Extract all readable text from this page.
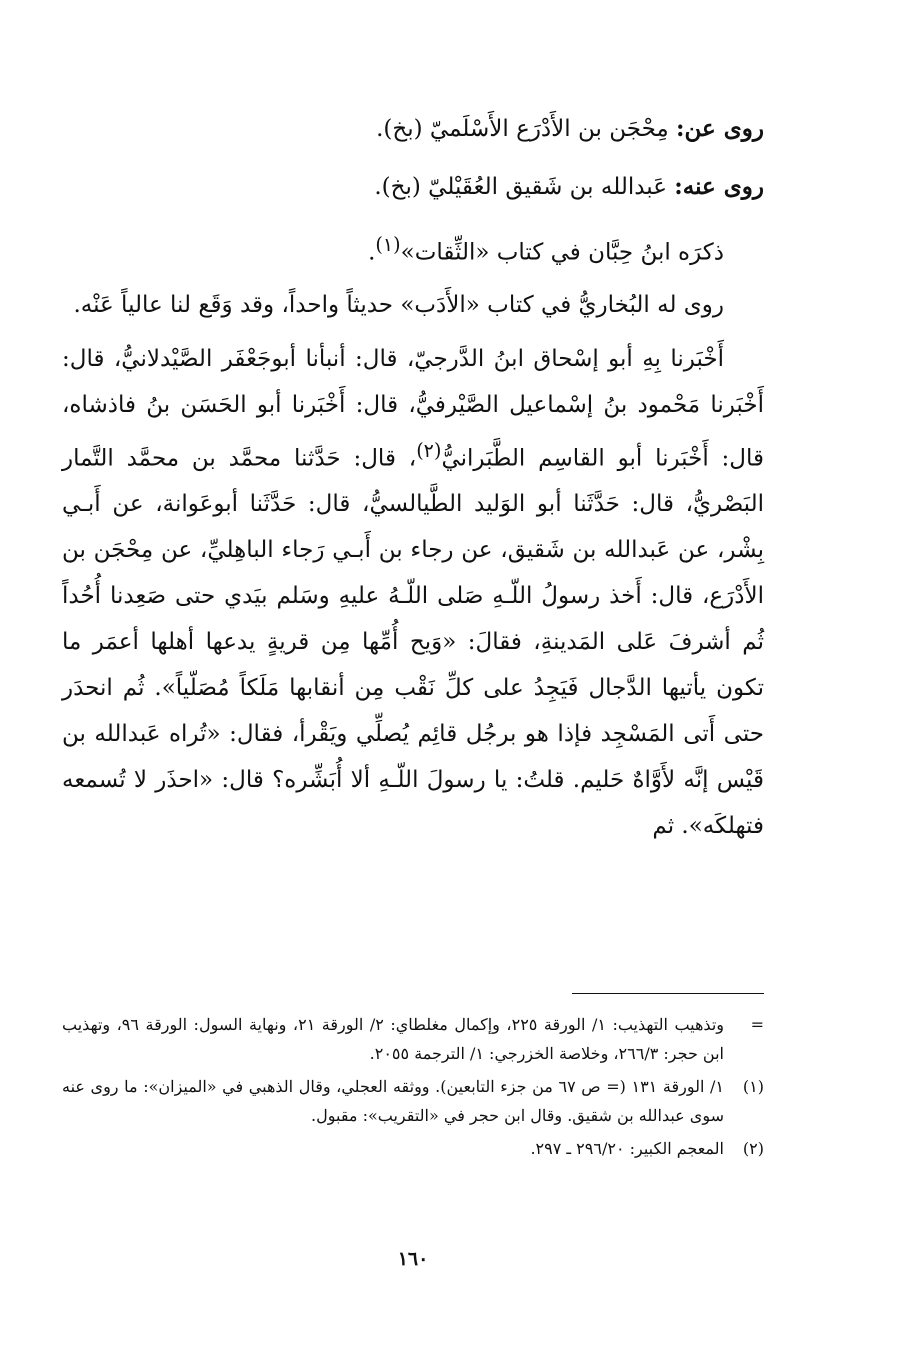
روى عن: مِحْجَن بن الأَدْرَع الأَسْلَميّ (بخ).

روى عنه: عَبدالله بن شَقيق العُقَيْليّ (بخ).

ذكرَه ابنُ حِبَّان في كتاب «الثِّقات»$^{(١)}$.

روى له البُخاريُّ في كتاب «الأَدَب» حديثاً واحداً، وقد وَقَع لنا عالياً عَنْه.

أَخْبَرنا بِهِ أبو إسْحاق ابنُ الدَّرجيّ، قال: أنبأنا أبوجَعْفَر الصَّيْدلانيُّ، قال: أَخْبَرنا مَحْمود بنُ إسْماعيل الصَّيْرفيُّ، قال: أَخْبَرنا أبو الحَسَن بنُ فاذشاه، قال: أَخْبَرنا أبو القاسِم الطَّبَرانيُّ$^{(٢)}$، قال: حَدَّثنا محمَّد بن محمَّد التَّمار البَصْريُّ، قال: حَدَّثَنا أبو الوَليد الطَّيالسيُّ، قال: حَدَّثَنا أبوعَوانة، عن أَبـي بِشْر، عن عَبدالله بن شَقيق، عن رجاء بن أَبـي رَجاء الباهِليِّ، عن مِحْجَن بن الأَدْرَع، قال: أَخذ رسولُ اللّـهِ صَلى اللّـهُ عليهِ وسَلم بيَدي حتى صَعِدنا أُحُداً ثُم أشرفَ عَلى المَدينةِ، فقالَ: «وَيح أُمِّها مِن قريةٍ يدعها أهلها أعمَر ما تكون يأتيها الدَّجال فَيَجِدُ على كلِّ نَقْب مِن أنقابها مَلَكاً مُصَلّياً». ثُم انحدَر حتى أَتى المَسْجِد فإذا هو برجُل قائِم يُصلِّي ويَقْرأ، فقال: «تُراه عَبدالله بن قَيْس إنَّه لأَوَّاهٌ حَليم. قلتُ: يا رسولَ اللّـهِ ألا أُبَشِّره؟ قال: «احذَر لا تُسمعه فتهلكَه». ثم

=
وتذهيب التهذيب: ١/ الورقة ٢٢٥، وإكمال مغلطاي: ٢/ الورقة ٢١، ونهاية السول: الورقة ٩٦، وتهذيب ابن حجر: ٢٦٦/٣، وخلاصة الخزرجي: ١/ الترجمة ٢٠٥٥.
(١)
١/ الورقة ١٣١ (= ص ٦٧ من جزء التابعين). ووثقه العجلي، وقال الذهبي في «الميزان»: ما روى عنه سوى عبدالله بن شقيق. وقال ابن حجر في «التقريب»: مقبول.
(٢)
المعجم الكبير: ٢٩٦/٢٠ ـ ٢٩٧.
١٦٠
